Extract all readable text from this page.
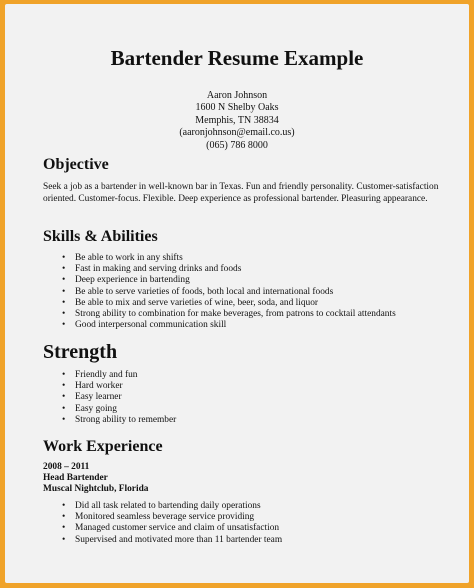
Bartender Resume Example
Aaron Johnson
1600 N Shelby Oaks
Memphis, TN 38834
(aaronjohnson@email.co.us)
(065) 786 8000
Objective
Seek a job as a bartender in well-known bar in Texas. Fun and friendly personality. Customer-satisfaction oriented. Customer-focus. Flexible. Deep experience as professional bartender. Pleasuring appearance.
Skills & Abilities
• Be able to work in any shifts
• Fast in making and serving drinks and foods
• Deep experience in bartending
• Be able to serve varieties of foods, both local and international foods
• Be able to mix and serve varieties of wine, beer, soda, and liquor
• Strong ability to combination for make beverages, from patrons to cocktail attendants
• Good interpersonal communication skill
Strength
• Friendly and fun
• Hard worker
• Easy learner
• Easy going
• Strong ability to remember
Work Experience
2008 – 2011
Head Bartender
Muscal Nightclub, Florida
• Did all task related to bartending daily operations
• Monitored seamless beverage service providing
• Managed customer service and claim of unsatisfaction
• Supervised and motivated more than 11 bartender team
